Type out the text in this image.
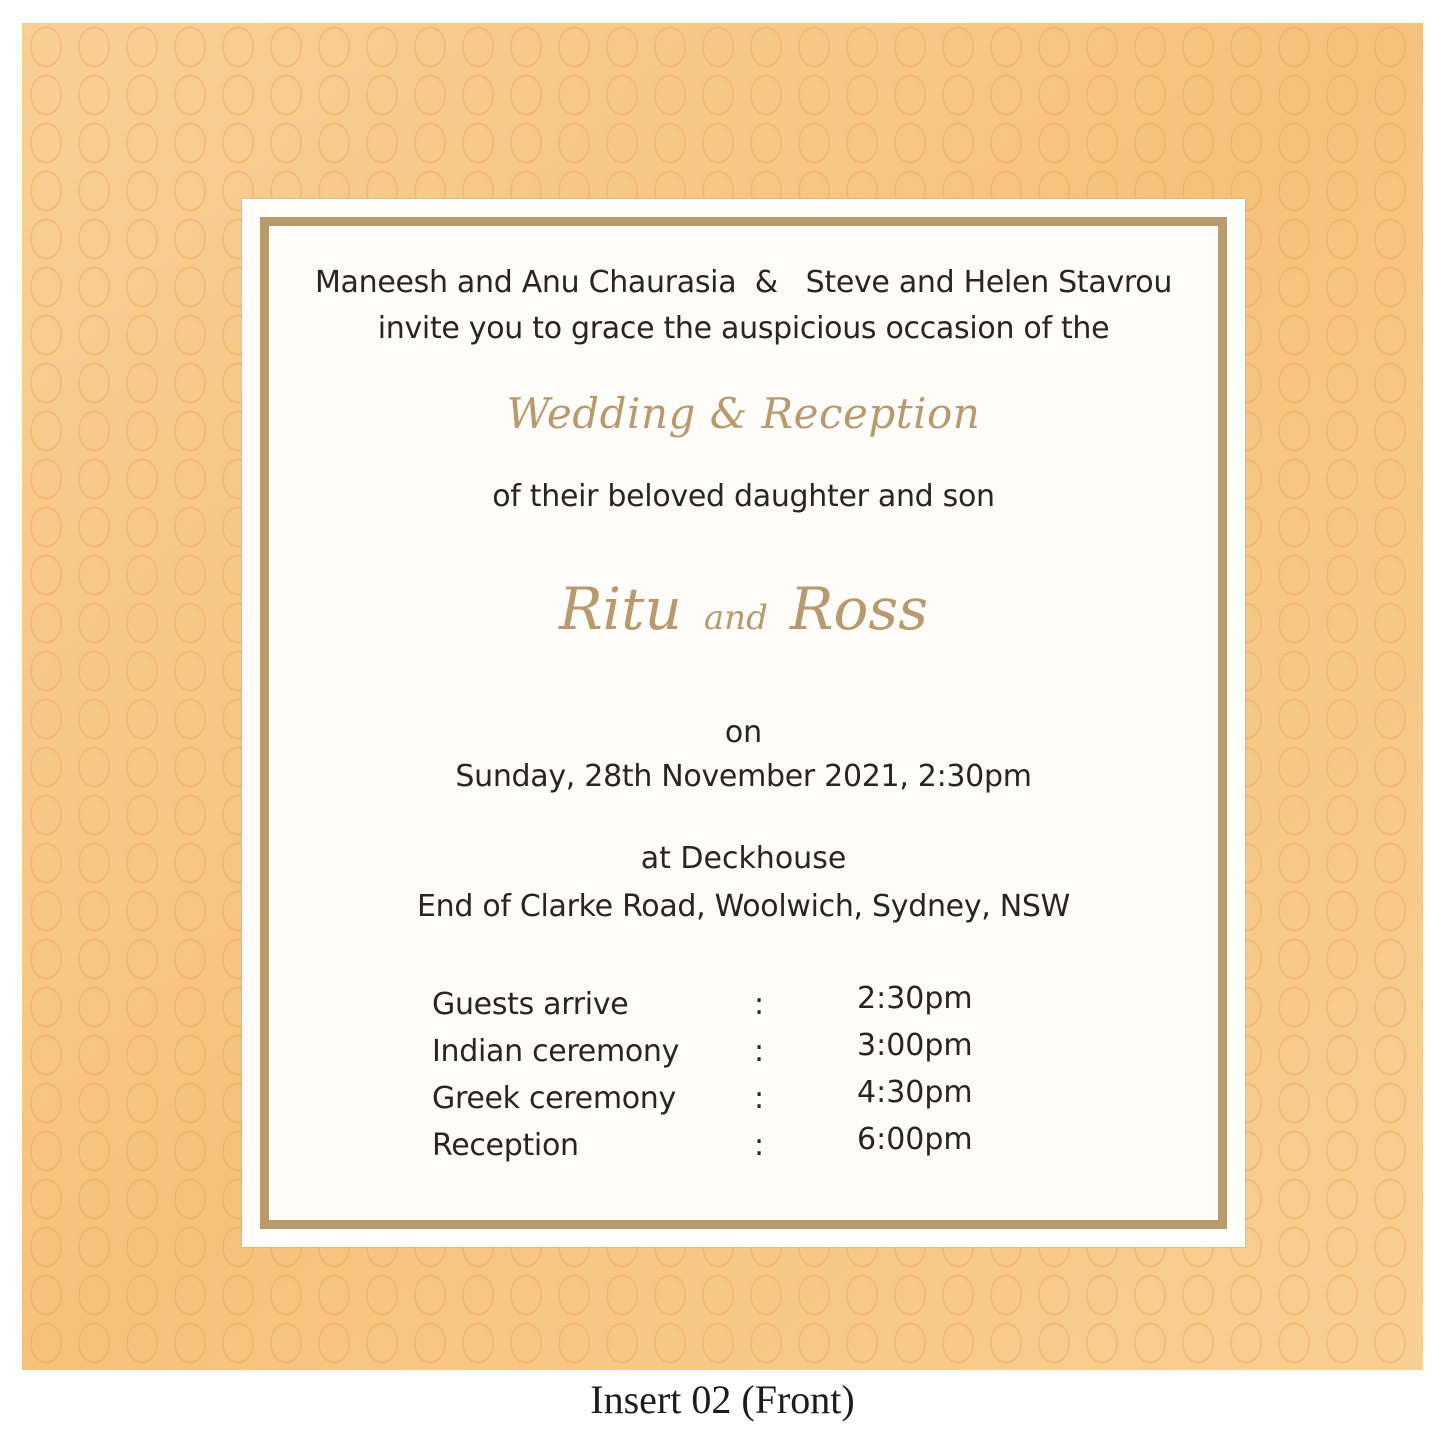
Maneesh and Anu Chaurasia & Steve and Helen Stavrou
invite you to grace the auspicious occasion of the
Wedding & Reception
of their beloved daughter and son
Ritu and Ross
on
Sunday, 28th November 2021, 2:30pm
at Deckhouse
End of Clarke Road, Woolwich, Sydney, NSW
Guests arrive	:	2:30pm
Indian ceremony :	3:00pm
Greek ceremony	:	4:30pm
Reception	:	6:00pm
Insert 02 (Front)
